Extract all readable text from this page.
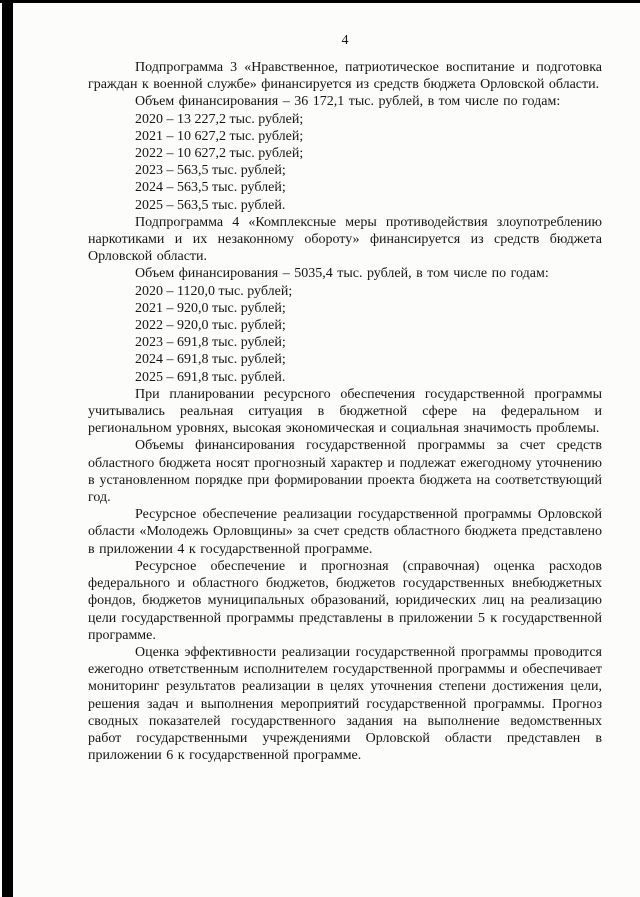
4

Подпрограмма 3 «Нравственное, патриотическое воспитание и подготовка граждан к военной службе» финансируется из средств бюджета Орловской области.

Объем финансирования – 36 172,1 тыс. рублей, в том числе по годам:

2020 – 13 227,2 тыс. рублей;

2021 – 10 627,2 тыс. рублей;

2022 – 10 627,2 тыс. рублей;

2023 – 563,5 тыс. рублей;

2024 – 563,5 тыс. рублей;

2025 – 563,5 тыс. рублей.

Подпрограмма 4 «Комплексные меры противодействия злоупотреблению наркотиками и их незаконному обороту» финансируется из средств бюджета Орловской области.

Объем финансирования – 5035,4 тыс. рублей, в том числе по годам:

2020 – 1120,0 тыс. рублей;

2021 – 920,0 тыс. рублей;

2022 – 920,0 тыс. рублей;

2023 – 691,8 тыс. рублей;

2024 – 691,8 тыс. рублей;

2025 – 691,8 тыс. рублей.

При планировании ресурсного обеспечения государственной программы учитывались реальная ситуация в бюджетной сфере на федеральном и региональном уровнях, высокая экономическая и социальная значимость проблемы.

Объемы финансирования государственной программы за счет средств областного бюджета носят прогнозный характер и подлежат ежегодному уточнению в установленном порядке при формировании проекта бюджета на соответствующий год.

Ресурсное обеспечение реализации государственной программы Орловской области «Молодежь Орловщины» за счет средств областного бюджета представлено в приложении 4 к государственной программе.

Ресурсное обеспечение и прогнозная (справочная) оценка расходов федерального и областного бюджетов, бюджетов государственных внебюджетных фондов, бюджетов муниципальных образований, юридических лиц на реализацию цели государственной программы представлены в приложении 5 к государственной программе.

Оценка эффективности реализации государственной программы проводится ежегодно ответственным исполнителем государственной программы и обеспечивает мониторинг результатов реализации в целях уточнения степени достижения цели, решения задач и выполнения мероприятий государственной программы. Прогноз сводных показателей государственного задания на выполнение ведомственных работ государственными учреждениями Орловской области представлен в приложении 6 к государственной программе.
